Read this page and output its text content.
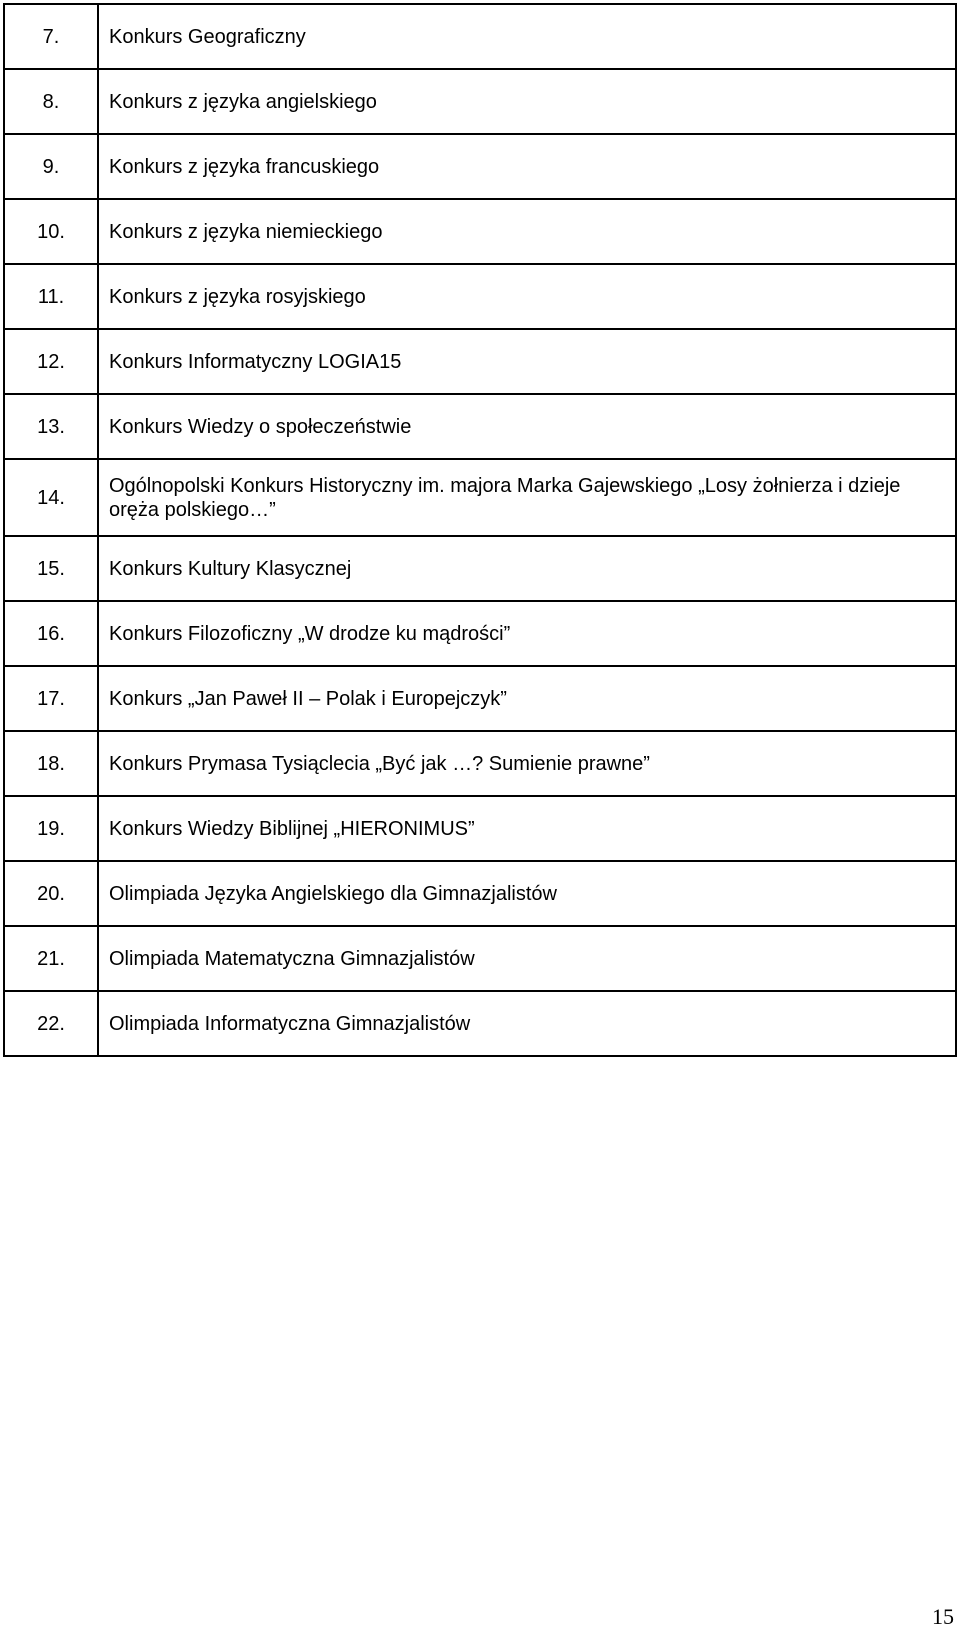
7.	Konkurs Geograficzny
8.	Konkurs z języka angielskiego
9.	Konkurs z języka francuskiego
10.	Konkurs z języka niemieckiego
11.	Konkurs z języka rosyjskiego
12.	Konkurs Informatyczny LOGIA15
13.	Konkurs Wiedzy o społeczeństwie
14.	Ogólnopolski Konkurs Historyczny im. majora Marka Gajewskiego „Losy żołnierza i dzieje oręża polskiego…”
15.	Konkurs Kultury Klasycznej
16.	Konkurs Filozoficzny „W drodze ku mądrości”
17.	Konkurs „Jan Paweł II – Polak i Europejczyk”
18.	Konkurs Prymasa Tysiąclecia „Być jak …? Sumienie prawne”
19.	Konkurs Wiedzy Biblijnej „HIERONIMUS”
20.	Olimpiada Języka Angielskiego dla Gimnazjalistów
21.	Olimpiada Matematyczna Gimnazjalistów
22.	Olimpiada Informatyczna Gimnazjalistów
15
